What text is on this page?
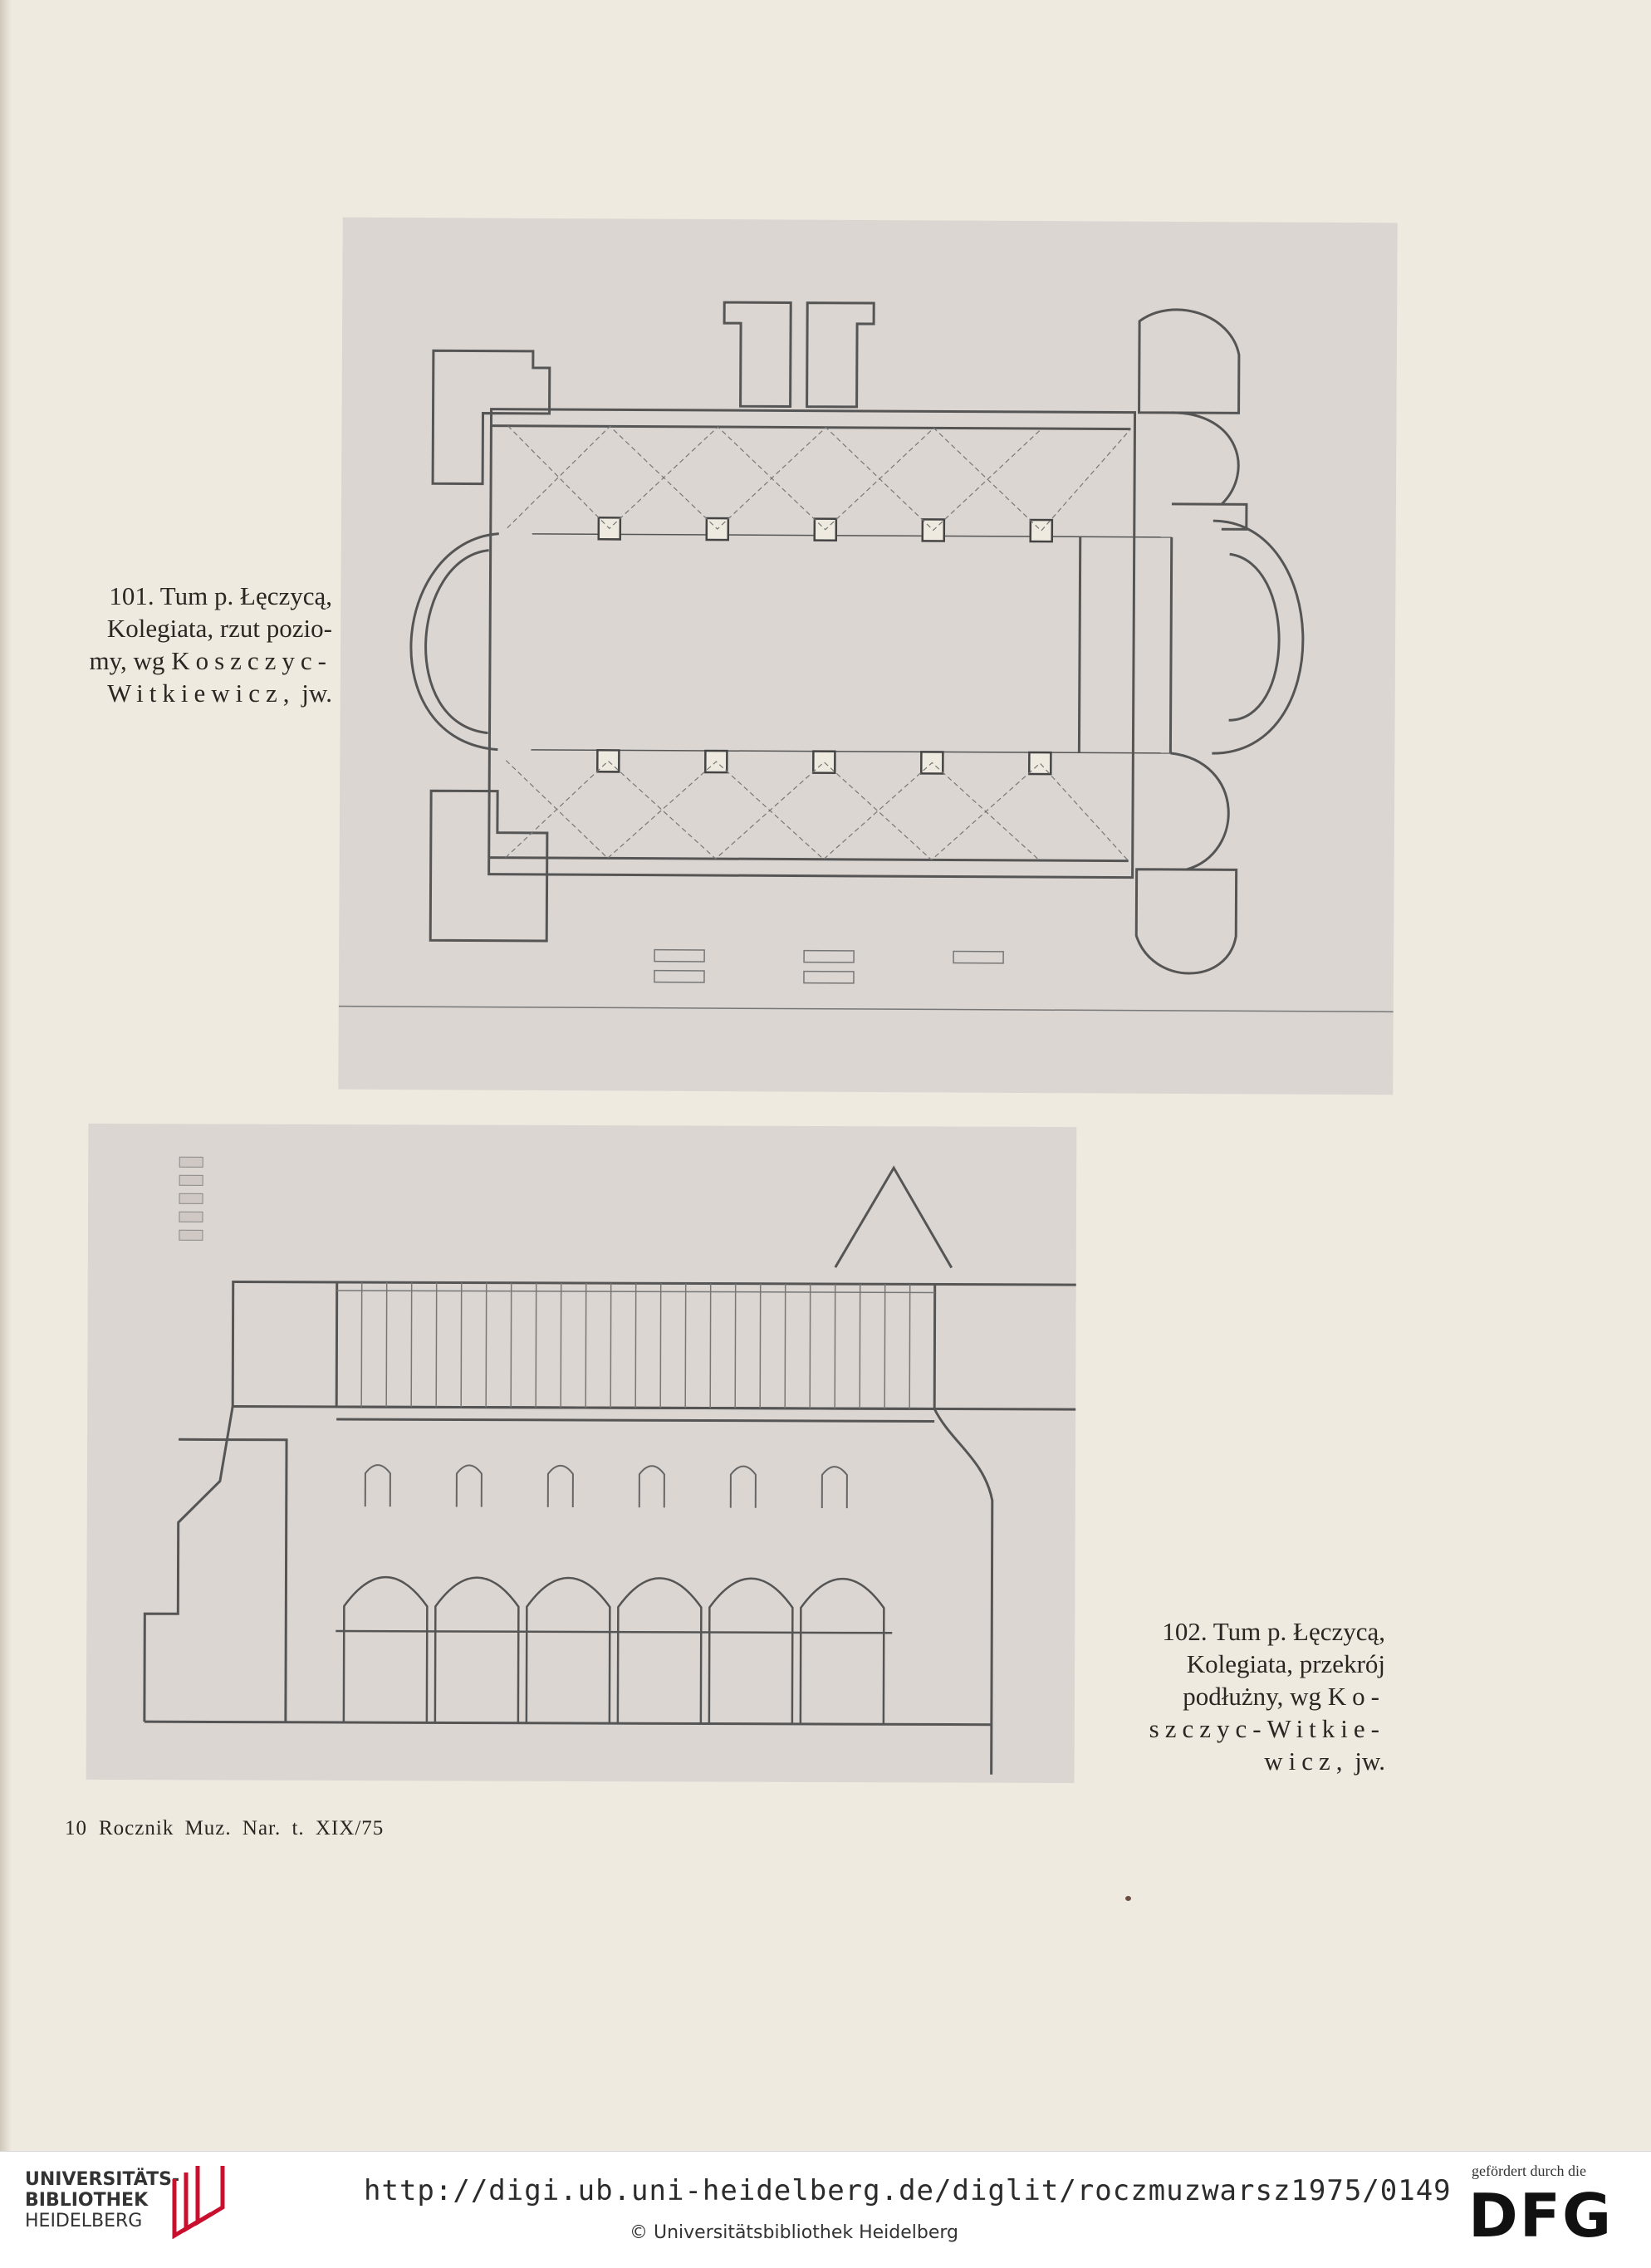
101. Tum p. Łęczycą,
Kolegiata, rzut pozio-
my, wg Koszczyc-
Witkiewicz, jw.
102. Tum p. Łęczycą,
Kolegiata, przekrój
podłużny, wg Ko-
szczyc-Witkie-
wicz, jw.
10 Rocznik Muz. Nar. t. XIX/75
UNIVERSITÄTS-
BIBLIOTHEK
HEIDELBERG
http://digi.ub.uni-heidelberg.de/diglit/roczmuzwarsz1975/0149
© Universitätsbibliothek Heidelberg
gefördert durch die
DFG
